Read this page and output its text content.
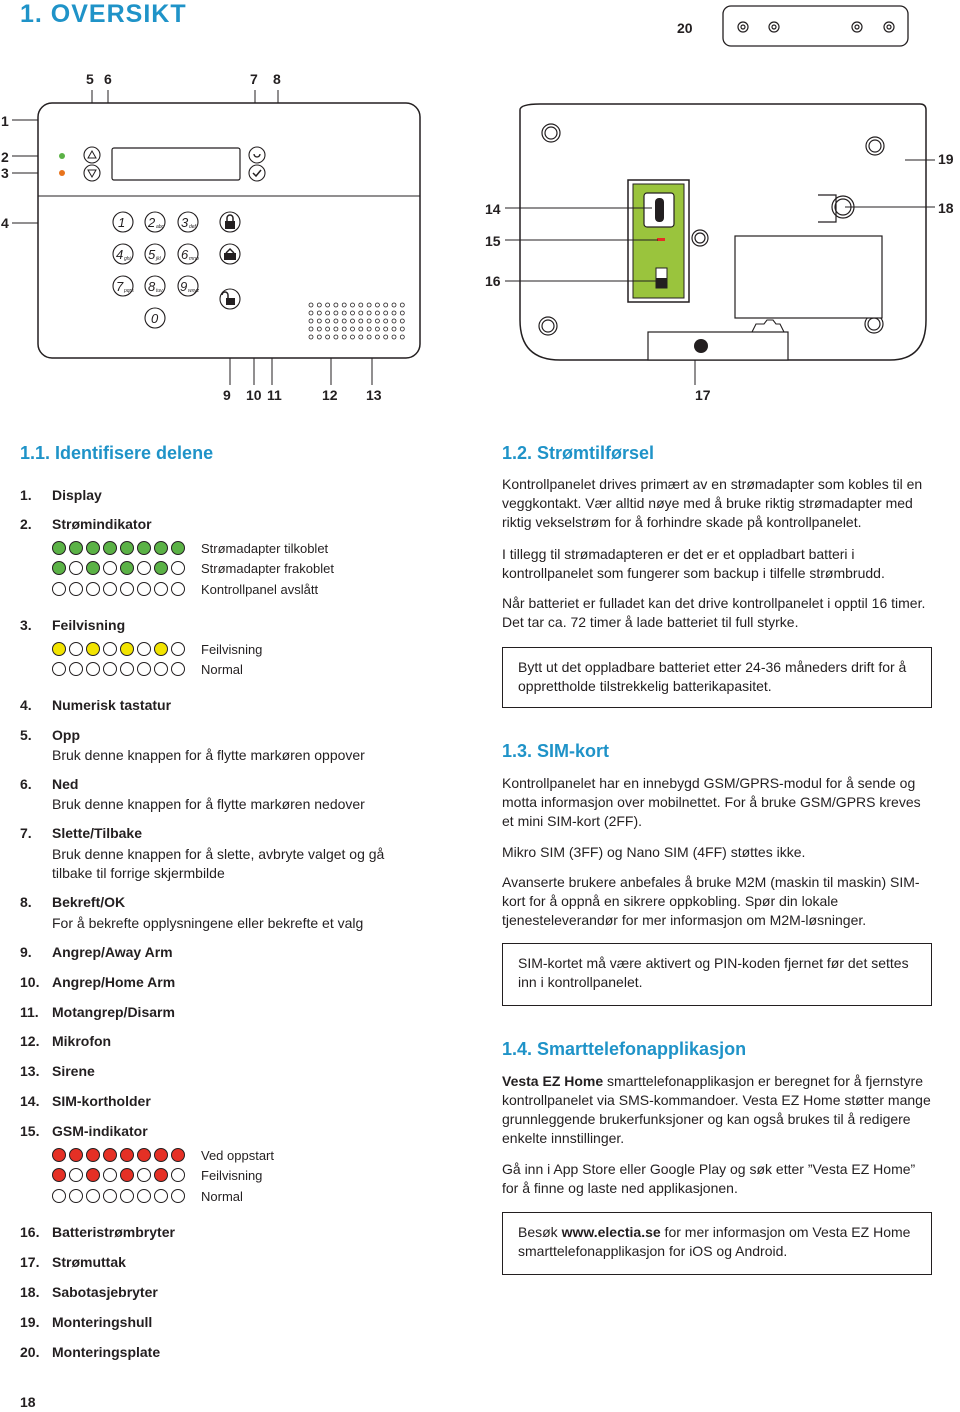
1. OVERSIKT	20
5 6	7 8
1
2
3
4
9 10 11	12 13
14
15
16
17
18
19
1 2 abc 3 def
4 ghi 5 jkl 6 mno
7 pqrs 8 tuv 9 wxyz
0
1.1. Identifisere delene
1. Display
2. Strømindikator
Strømadapter tilkoblet
Strømadapter frakoblet
Kontrollpanel avslått
3. Feilvisning
Feilvisning
Normal
4. Numerisk tastatur
5. Opp
Bruk denne knappen for å flytte markøren oppover
6. Ned
Bruk denne knappen for å flytte markøren nedover
7. Slette/Tilbake
Bruk denne knappen for å slette, avbryte valget og gå
tilbake til forrige skjermbilde
8. Bekreft/OK
For å bekrefte opplysningene eller bekrefte et valg
9. Angrep/Away Arm
10. Angrep/Home Arm
11. Motangrep/Disarm
12. Mikrofon
13. Sirene
14. SIM-kortholder
15. GSM-indikator
Ved oppstart
Feilvisning
Normal
16. Batteristrømbryter
17. Strømuttak
18. Sabotasjebryter
19. Monteringshull
20. Monteringsplate
1.2. Strømtilførsel
Kontrollpanelet drives primært av en strømadapter som kobles til en veggkontakt. Vær alltid nøye med å bruke riktig strømadapter med riktig vekselstrøm for å forhindre skade på kontrollpanelet.
I tillegg til strømadapteren er det er et oppladbart batteri i kontrollpanelet som fungerer som backup i tilfelle strømbrudd.
Når batteriet er fulladet kan det drive kontrollpanelet i opptil 16 timer. Det tar ca. 72 timer å lade batteriet til full styrke.
Bytt ut det oppladbare batteriet etter 24-36 måneders drift for å opprettholde tilstrekkelig batterikapasitet.
1.3. SIM-kort
Kontrollpanelet har en innebygd GSM/GPRS-modul for å sende og motta informasjon over mobilnettet. For å bruke GSM/GPRS kreves et mini SIM-kort (2FF).
Mikro SIM (3FF) og Nano SIM (4FF) støttes ikke.
Avanserte brukere anbefales å bruke M2M (maskin til maskin) SIM-kort for å oppnå en sikrere oppkobling. Spør din lokale tjenesteleverandør for mer informasjon om M2M-løsninger.
SIM-kortet må være aktivert og PIN-koden fjernet før det settes inn i kontrollpanelet.
1.4. Smarttelefonapplikasjon
Vesta EZ Home smarttelefonapplikasjon er beregnet for å fjernstyre kontrollpanelet via SMS-kommandoer. Vesta EZ Home støtter mange grunnleggende brukerfunksjoner og kan også brukes til å redigere enkelte innstillinger.
Gå inn i App Store eller Google Play og søk etter ”Vesta EZ Home” for å finne og laste ned applikasjonen.
Besøk www.electia.se for mer informasjon om Vesta EZ Home smarttelefonapplikasjon for iOS og Android.
18
